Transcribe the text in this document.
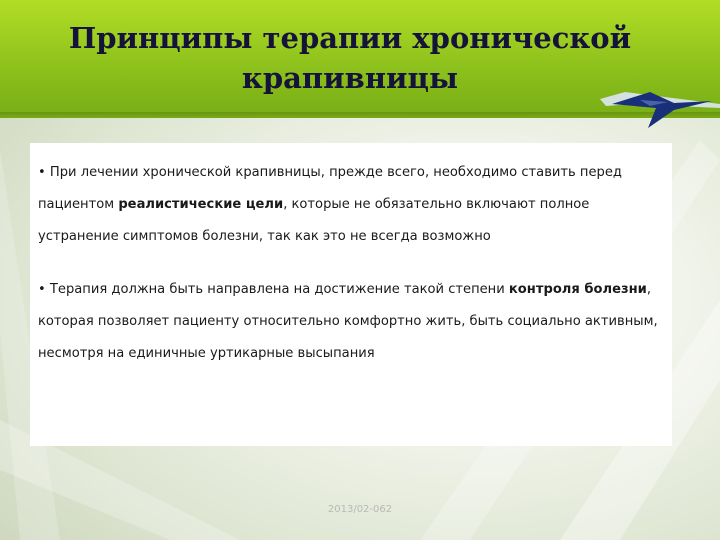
Принципы терапии хронической крапивницы

• При лечении хронической крапивницы, прежде всего, необходимо ставить перед пациентом реалистические цели, которые не обязательно включают полное устранение симптомов болезни, так как это не всегда возможно

• Терапия должна быть направлена на достижение такой степени контроля болезни, которая позволяет пациенту относительно комфортно жить, быть социально активным, несмотря на единичные уртикарные высыпания

2013/02-062
